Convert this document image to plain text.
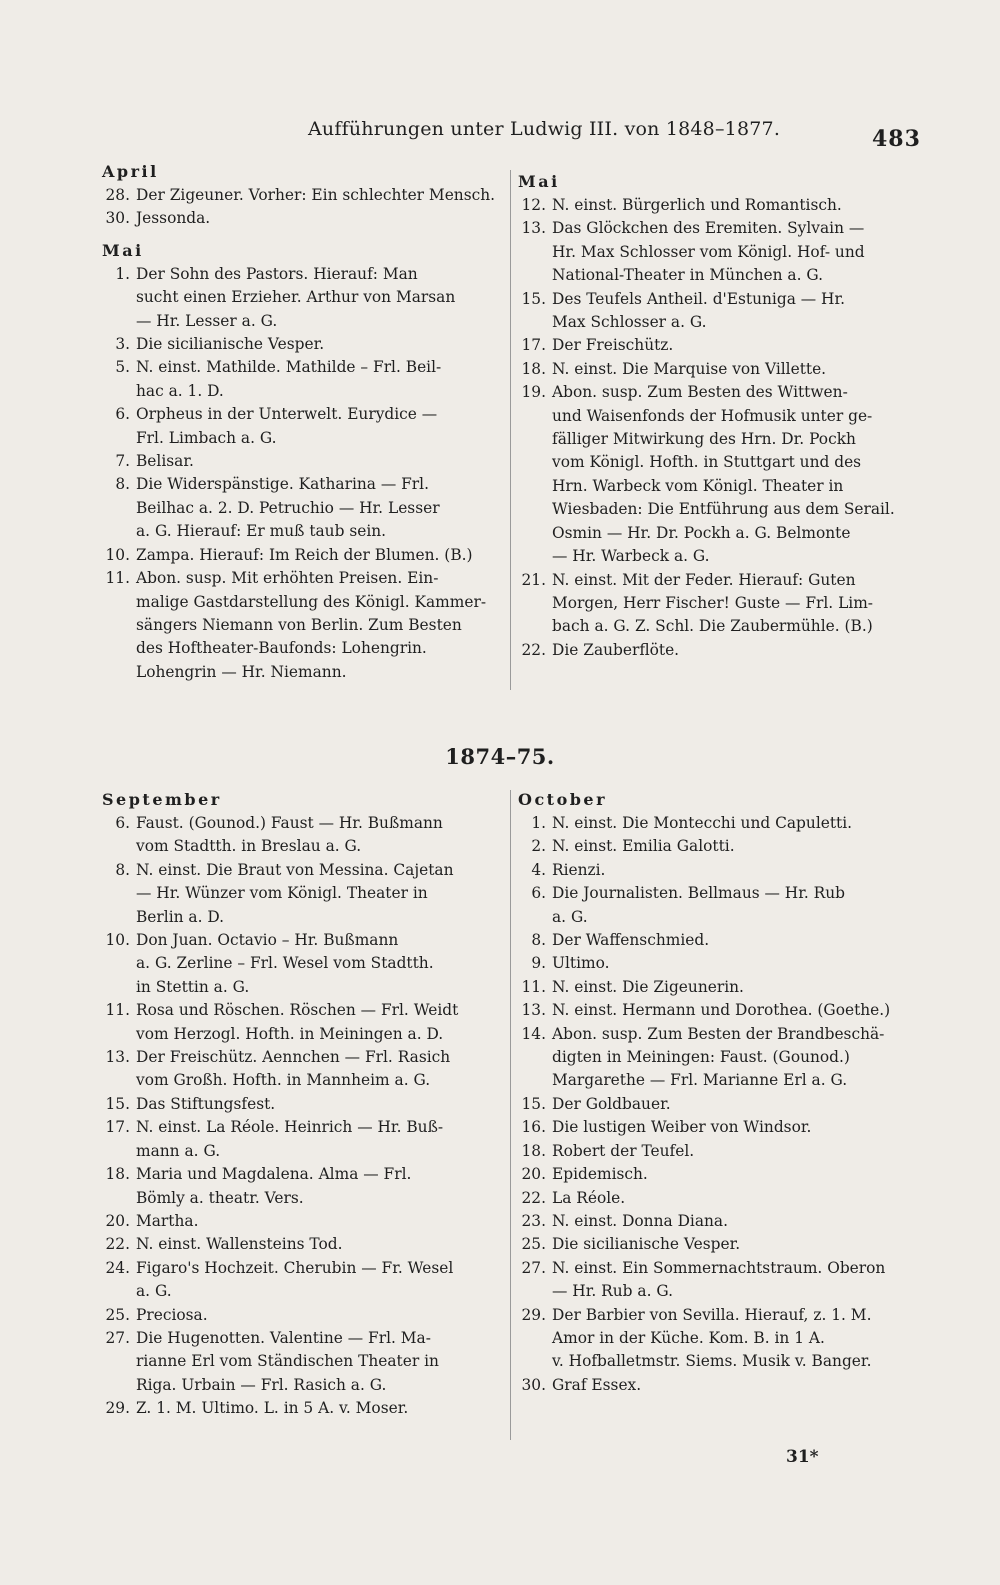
Aufführungen unter Ludwig III. von 1848–1877.	483

April

28. Der Zigeuner. Vorher: Ein schlechter Mensch.
30. Jessonda.

Mai

1. Der Sohn des Pastors. Hierauf: Man
sucht einen Erzieher. Arthur von Marsan
— Hr. Lesser a. G.
3. Die sicilianische Vesper.
5. N. einst. Mathilde. Mathilde – Frl. Beil-
hac a. 1. D.
6. Orpheus in der Unterwelt. Eurydice —
Frl. Limbach a. G.
7. Belisar.
8. Die Widerspänstige. Katharina — Frl.
Beilhac a. 2. D. Petruchio — Hr. Lesser
a. G. Hierauf: Er muß taub sein.
10. Zampa. Hierauf: Im Reich der Blumen. (B.)
11. Abon. susp. Mit erhöhten Preisen. Ein-
malige Gastdarstellung des Königl. Kammer-
sängers Niemann von Berlin. Zum Besten
des Hoftheater-Baufonds: Lohengrin.
Lohengrin — Hr. Niemann.

Mai

12. N. einst. Bürgerlich und Romantisch.
13. Das Glöckchen des Eremiten. Sylvain —
Hr. Max Schlosser vom Königl. Hof- und
National-Theater in München a. G.
15. Des Teufels Antheil. d'Estuniga — Hr.
Max Schlosser a. G.
17. Der Freischütz.
18. N. einst. Die Marquise von Villette.
19. Abon. susp. Zum Besten des Wittwen-
und Waisenfonds der Hofmusik unter ge-
fälliger Mitwirkung des Hrn. Dr. Pockh
vom Königl. Hofth. in Stuttgart und des
Hrn. Warbeck vom Königl. Theater in
Wiesbaden: Die Entführung aus dem Serail.
Osmin — Hr. Dr. Pockh a. G. Belmonte
— Hr. Warbeck a. G.
21. N. einst. Mit der Feder. Hierauf: Guten
Morgen, Herr Fischer! Guste — Frl. Lim-
bach a. G. Z. Schl. Die Zaubermühle. (B.)
22. Die Zauberflöte.
1874–75.

September

6. Faust. (Gounod.) Faust — Hr. Bußmann
vom Stadtth. in Breslau a. G.
8. N. einst. Die Braut von Messina. Cajetan
— Hr. Wünzer vom Königl. Theater in
Berlin a. D.
10. Don Juan. Octavio – Hr. Bußmann
a. G. Zerline – Frl. Wesel vom Stadtth.
in Stettin a. G.
11. Rosa und Röschen. Röschen — Frl. Weidt
vom Herzogl. Hofth. in Meiningen a. D.
13. Der Freischütz. Aennchen — Frl. Rasich
vom Großh. Hofth. in Mannheim a. G.
15. Das Stiftungsfest.
17. N. einst. La Réole. Heinrich — Hr. Buß-
mann a. G.
18. Maria und Magdalena. Alma — Frl.
Bömly a. theatr. Vers.
20. Martha.
22. N. einst. Wallensteins Tod.
24. Figaro's Hochzeit. Cherubin — Fr. Wesel
a. G.
25. Preciosa.
27. Die Hugenotten. Valentine — Frl. Ma-
rianne Erl vom Ständischen Theater in
Riga. Urbain — Frl. Rasich a. G.
29. Z. 1. M. Ultimo. L. in 5 A. v. Moser.

October

1. N. einst. Die Montecchi und Capuletti.
2. N. einst. Emilia Galotti.
4. Rienzi.
6. Die Journalisten. Bellmaus — Hr. Rub
a. G.
8. Der Waffenschmied.
9. Ultimo.
11. N. einst. Die Zigeunerin.
13. N. einst. Hermann und Dorothea. (Goethe.)
14. Abon. susp. Zum Besten der Brandbeschä-
digten in Meiningen: Faust. (Gounod.)
Margarethe — Frl. Marianne Erl a. G.
15. Der Goldbauer.
16. Die lustigen Weiber von Windsor.
18. Robert der Teufel.
20. Epidemisch.
22. La Réole.
23. N. einst. Donna Diana.
25. Die sicilianische Vesper.
27. N. einst. Ein Sommernachtstraum. Oberon
— Hr. Rub a. G.
29. Der Barbier von Sevilla. Hierauf, z. 1. M.
Amor in der Küche. Kom. B. in 1 A.
v. Hofballetmstr. Siems. Musik v. Banger.
30. Graf Essex.
31*
